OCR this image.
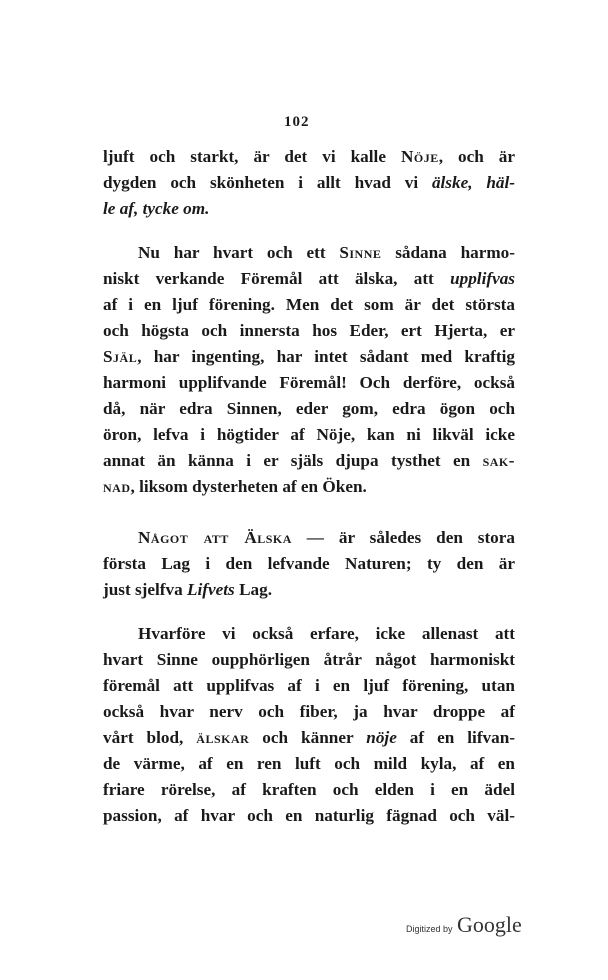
102
ljuft och starkt, är det vi kalle Nöje, och är
dygden och skönheten i allt hvad vi älske, häl-
le af, tycke om.
Nu har hvart och ett Sinne sådana harmo-
niskt verkande Föremål att älska, att upplifvas
af i en ljuf förening. Men det som är det största
och högsta och innersta hos Eder, ert Hjerta, er
Själ, har ingenting, har intet sådant med kraftig
harmoni upplifvande Föremål! Och derföre, också
då, när edra Sinnen, eder gom, edra ögon och
öron, lefva i högtider af Nöje, kan ni likväl icke
annat än känna i er själs djupa tysthet en sak-
nad, liksom dysterheten af en Öken.
Något att Älska — är således den stora
första Lag i den lefvande Naturen; ty den är
just sjelfva Lifvets Lag.
Hvarföre vi också erfare, icke allenast att
hvart Sinne oupphörligen åtrår något harmoniskt
föremål att upplifvas af i en ljuf förening, utan
också hvar nerv och fiber, ja hvar droppe af
vårt blod, älskar och känner nöje af en lifvan-
de värme, af en ren luft och mild kyla, af en
friare rörelse, af kraften och elden i en ädel
passion, af hvar och en naturlig fägnad och väl-
Digitized by Google
